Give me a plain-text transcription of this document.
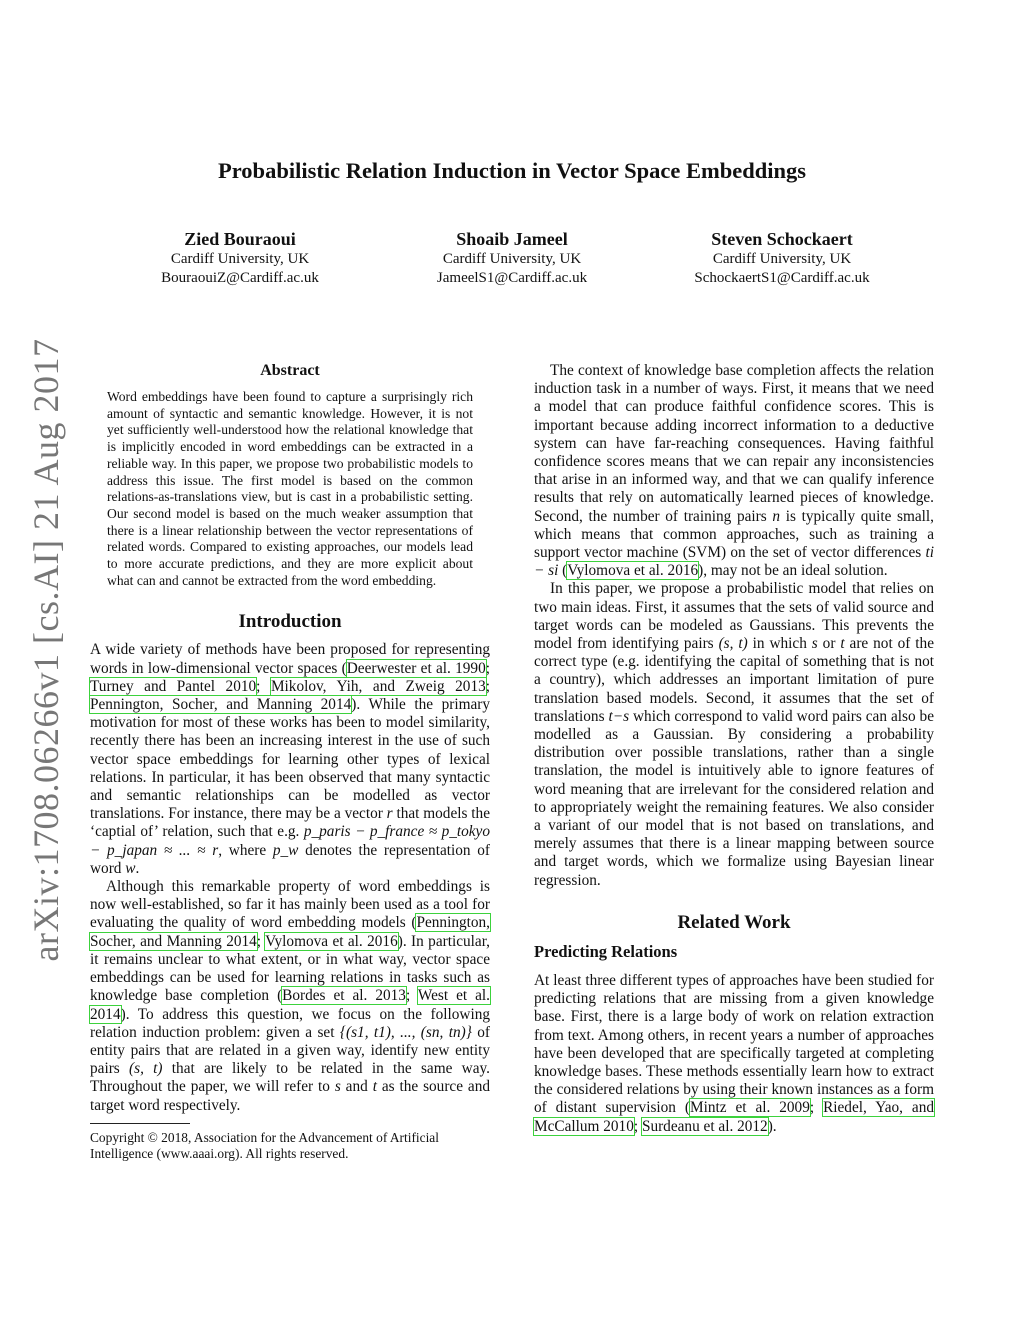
arXiv:1708.06266v1 [cs.AI] 21 Aug 2017
Probabilistic Relation Induction in Vector Space Embeddings
Zied Bouraoui
Cardiff University, UK
BouraouiZ@Cardiff.ac.uk
Shoaib Jameel
Cardiff University, UK
JameelS1@Cardiff.ac.uk
Steven Schockaert
Cardiff University, UK
SchockaertS1@Cardiff.ac.uk
Abstract
Word embeddings have been found to capture a surprisingly rich amount of syntactic and semantic knowledge. However, it is not yet sufficiently well-understood how the relational knowledge that is implicitly encoded in word embeddings can be extracted in a reliable way. In this paper, we propose two probabilistic models to address this issue. The first model is based on the common relations-as-translations view, but is cast in a probabilistic setting. Our second model is based on the much weaker assumption that there is a linear relationship between the vector representations of related words. Compared to existing approaches, our models lead to more accurate predictions, and they are more explicit about what can and cannot be extracted from the word embedding.
Introduction

A wide variety of methods have been proposed for representing words in low-dimensional vector spaces (Deerwester et al. 1990; Turney and Pantel 2010; Mikolov, Yih, and Zweig 2013; Pennington, Socher, and Manning 2014). While the primary motivation for most of these works has been to model similarity, recently there has been an increasing interest in the use of such vector space embeddings for learning other types of lexical relations. In particular, it has been observed that many syntactic and semantic relationships can be modelled as vector translations. For instance, there may be a vector r that models the ‘captial of’ relation, such that e.g. p_paris − p_france ≈ p_tokyo − p_japan ≈ ... ≈ r, where p_w denotes the representation of word w.

Although this remarkable property of word embeddings is now well-established, so far it has mainly been used as a tool for evaluating the quality of word embedding models (Pennington, Socher, and Manning 2014; Vylomova et al. 2016). In particular, it remains unclear to what extent, or in what way, vector space embeddings can be used for learning relations in tasks such as knowledge base completion (Bordes et al. 2013; West et al. 2014). To address this question, we focus on the following relation induction problem: given a set {(s1, t1), ..., (sn, tn)} of entity pairs that are related in a given way, identify new entity pairs (s, t) that are likely to be related in the same way. Throughout the paper, we will refer to s and t as the source and target word respectively.

Copyright © 2018, Association for the Advancement of Artificial Intelligence (www.aaai.org). All rights reserved.

The context of knowledge base completion affects the relation induction task in a number of ways. First, it means that we need a model that can produce faithful confidence scores. This is important because adding incorrect information to a deductive system can have far-reaching consequences. Having faithful confidence scores means that we can repair any inconsistencies that arise in an informed way, and that we can qualify inference results that rely on automatically learned pieces of knowledge. Second, the number of training pairs n is typically quite small, which means that common approaches, such as training a support vector machine (SVM) on the set of vector differences ti − si (Vylomova et al. 2016), may not be an ideal solution.

In this paper, we propose a probabilistic model that relies on two main ideas. First, it assumes that the sets of valid source and target words can be modeled as Gaussians. This prevents the model from identifying pairs (s, t) in which s or t are not of the correct type (e.g. identifying the capital of something that is not a country), which addresses an important limitation of pure translation based models. Second, it assumes that the set of translations t−s which correspond to valid word pairs can also be modelled as a Gaussian. By considering a probability distribution over possible translations, rather than a single translation, the model is intuitively able to ignore features of word meaning that are irrelevant for the considered relation and to appropriately weight the remaining features. We also consider a variant of our model that is not based on translations, and merely assumes that there is a linear mapping between source and target words, which we formalize using Bayesian linear regression.

Related Work
Predicting Relations

At least three different types of approaches have been studied for predicting relations that are missing from a given knowledge base. First, there is a large body of work on relation extraction from text. Among others, in recent years a number of approaches have been developed that are specifically targeted at completing knowledge bases. These methods essentially learn how to extract the considered relations by using their known instances as a form of distant supervision (Mintz et al. 2009; Riedel, Yao, and McCallum 2010; Surdeanu et al. 2012).
